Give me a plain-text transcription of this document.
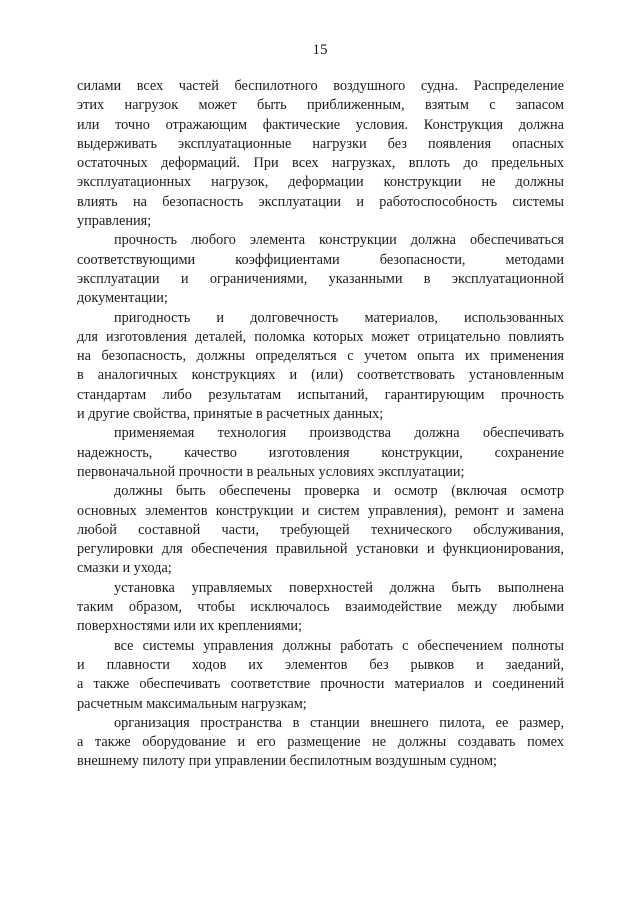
15
силами всех частей беспилотного воздушного судна. Распределение
этих нагрузок может быть приближенным, взятым с запасом
или точно отражающим фактические условия. Конструкция должна
выдерживать эксплуатационные нагрузки без появления опасных
остаточных деформаций. При всех нагрузках, вплоть до предельных
эксплуатационных нагрузок, деформации конструкции не должны
влиять на безопасность эксплуатации и работоспособность системы
управления;
прочность любого элемента конструкции должна обеспечиваться
соответствующими коэффициентами безопасности, методами
эксплуатации и ограничениями, указанными в эксплуатационной
документации;
пригодность и долговечность материалов, использованных
для изготовления деталей, поломка которых может отрицательно повлиять
на безопасность, должны определяться с учетом опыта их применения
в аналогичных конструкциях и (или) соответствовать установленным
стандартам либо результатам испытаний, гарантирующим прочность
и другие свойства, принятые в расчетных данных;
применяемая технология производства должна обеспечивать
надежность, качество изготовления конструкции, сохранение
первоначальной прочности в реальных условиях эксплуатации;
должны быть обеспечены проверка и осмотр (включая осмотр
основных элементов конструкции и систем управления), ремонт и замена
любой составной части, требующей технического обслуживания,
регулировки для обеспечения правильной установки и функционирования,
смазки и ухода;
установка управляемых поверхностей должна быть выполнена
таким образом, чтобы исключалось взаимодействие между любыми
поверхностями или их креплениями;
все системы управления должны работать с обеспечением полноты
и плавности ходов их элементов без рывков и заеданий,
а также обеспечивать соответствие прочности материалов и соединений
расчетным максимальным нагрузкам;
организация пространства в станции внешнего пилота, ее размер,
а также оборудование и его размещение не должны создавать помех
внешнему пилоту при управлении беспилотным воздушным судном;
